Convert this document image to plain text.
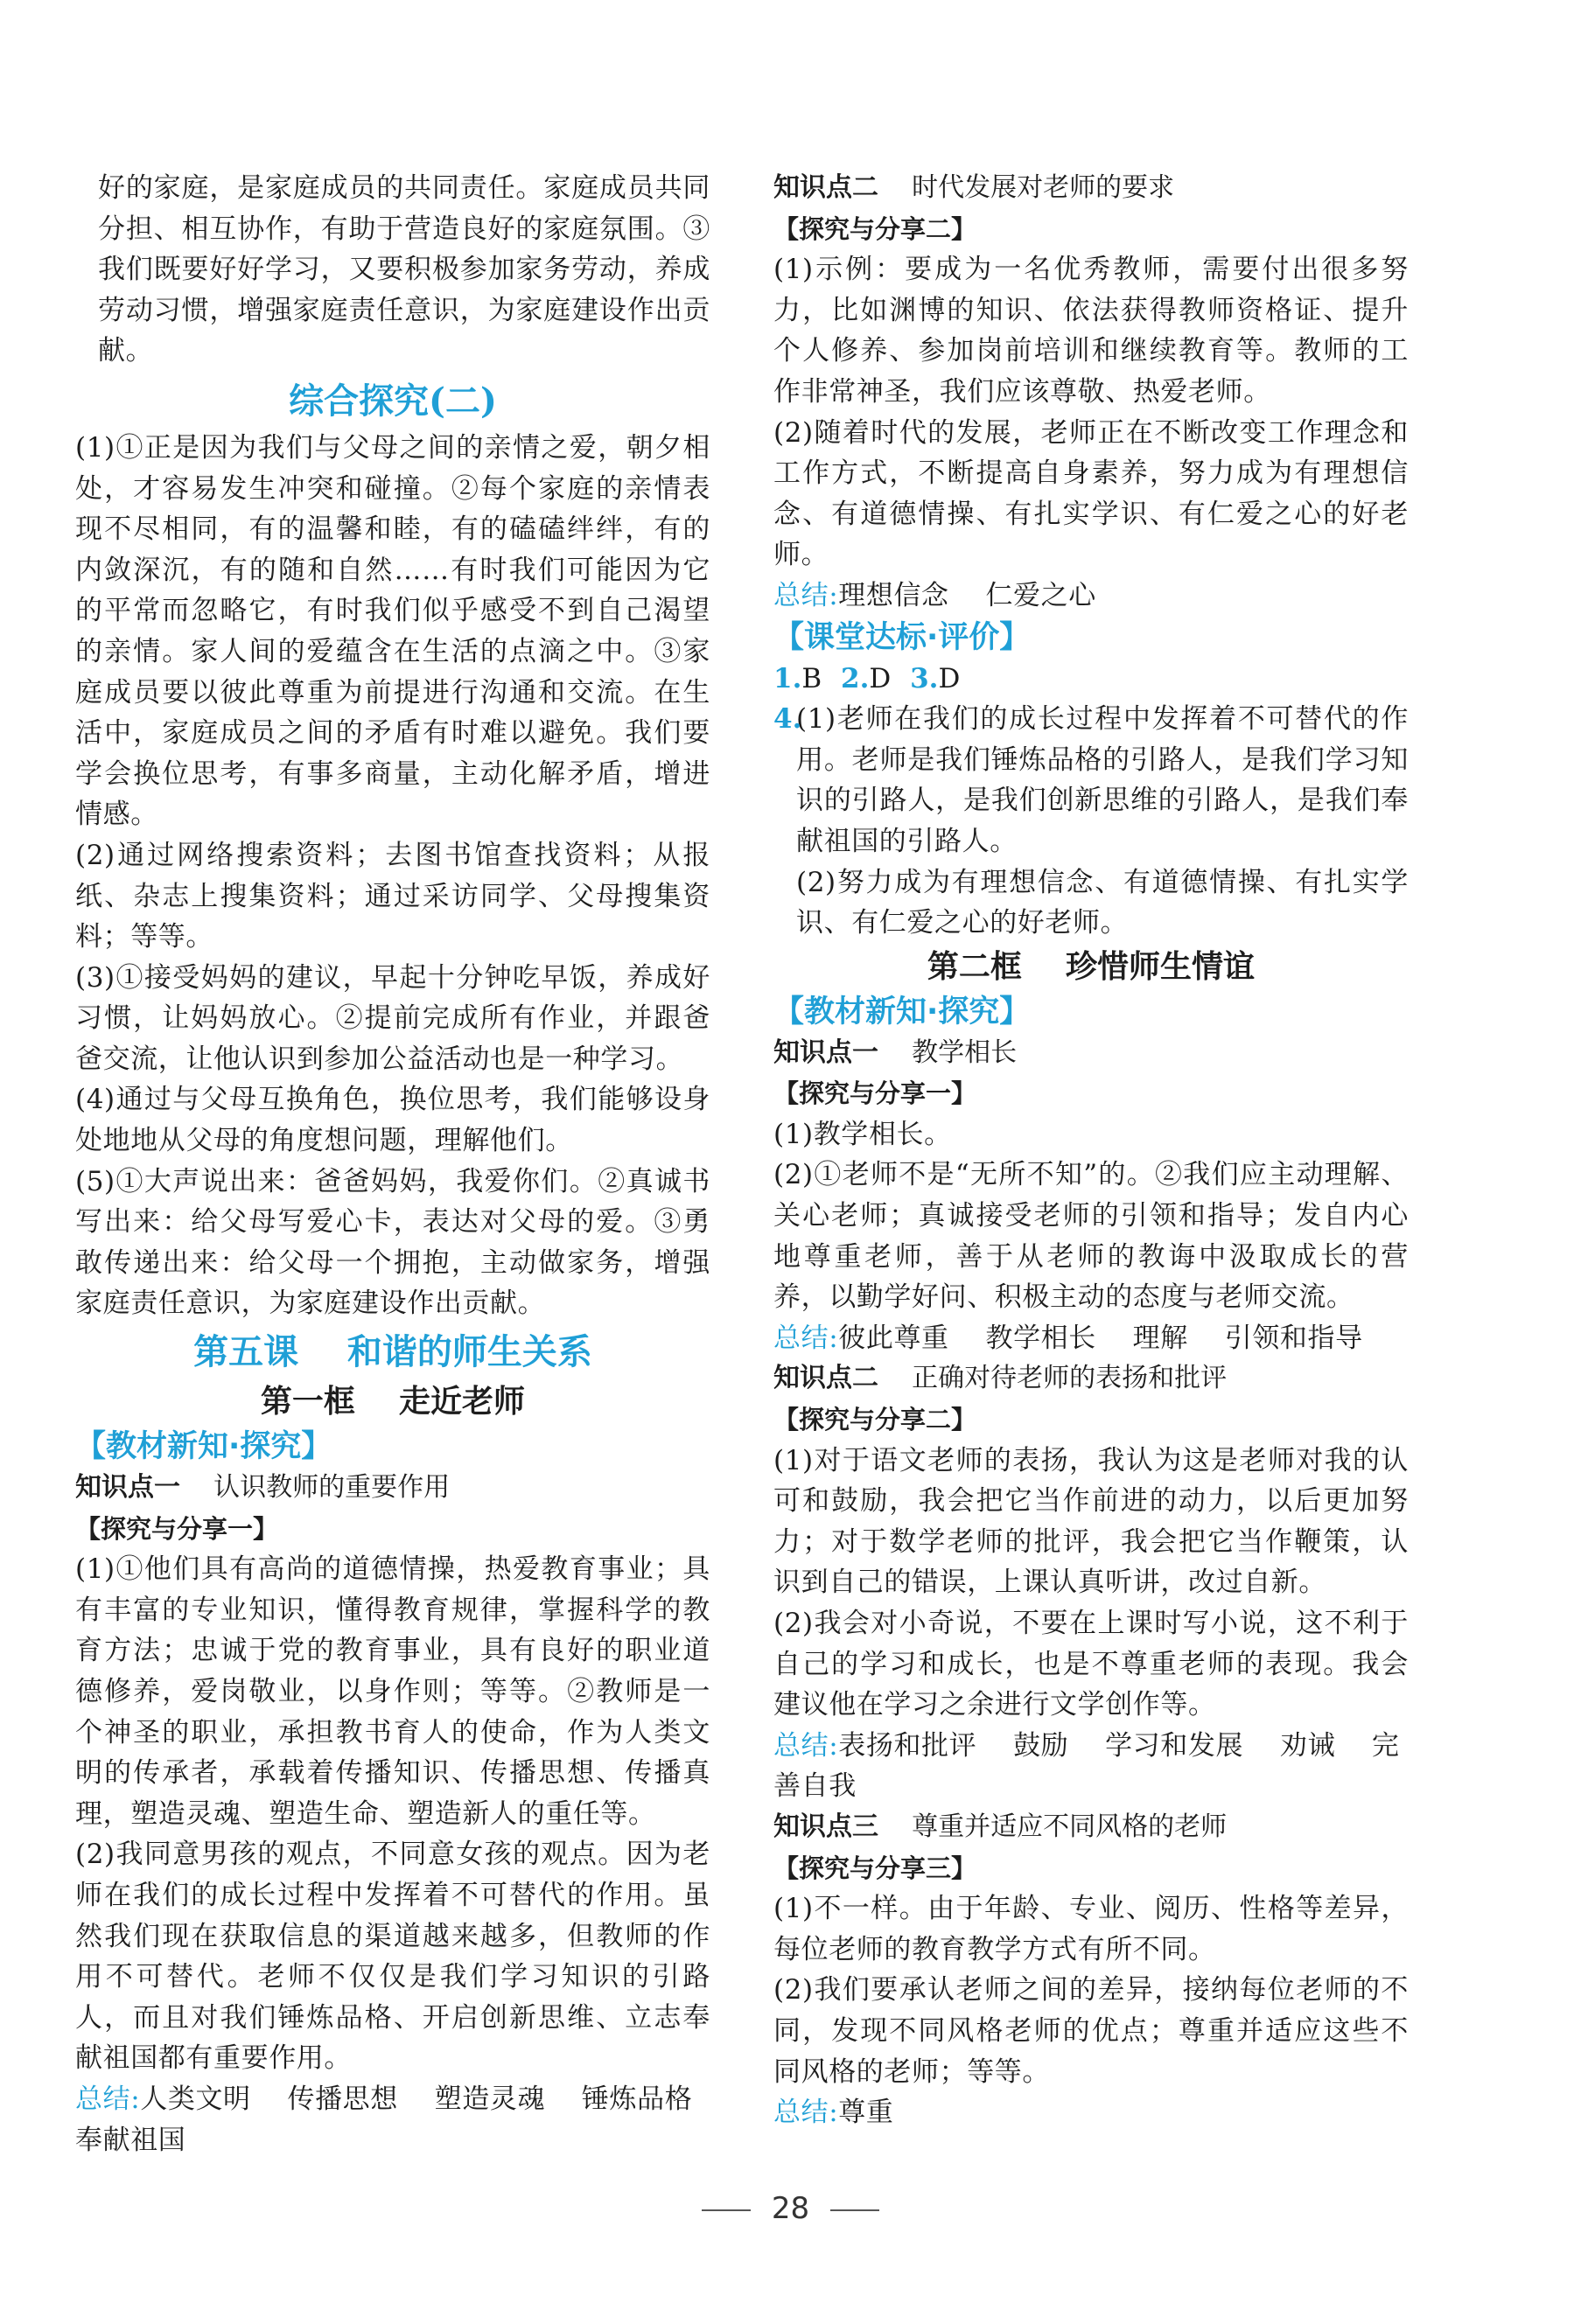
好的家庭，是家庭成员的共同责任。家庭成员共同分担、相互协作，有助于营造良好的家庭氛围。③我们既要好好学习，又要积极参加家务劳动，养成劳动习惯，增强家庭责任意识，为家庭建设作出贡献。

综合探究(二)

(1)①正是因为我们与父母之间的亲情之爱，朝夕相处，才容易发生冲突和碰撞。②每个家庭的亲情表现不尽相同，有的温馨和睦，有的磕磕绊绊，有的内敛深沉，有的随和自然……有时我们可能因为它的平常而忽略它，有时我们似乎感受不到自己渴望的亲情。家人间的爱蕴含在生活的点滴之中。③家庭成员要以彼此尊重为前提进行沟通和交流。在生活中，家庭成员之间的矛盾有时难以避免。我们要学会换位思考，有事多商量，主动化解矛盾，增进情感。

(2)通过网络搜索资料；去图书馆查找资料；从报纸、杂志上搜集资料；通过采访同学、父母搜集资料；等等。

(3)①接受妈妈的建议，早起十分钟吃早饭，养成好习惯，让妈妈放心。②提前完成所有作业，并跟爸爸交流，让他认识到参加公益活动也是一种学习。

(4)通过与父母互换角色，换位思考，我们能够设身处地地从父母的角度想问题，理解他们。

(5)①大声说出来：爸爸妈妈，我爱你们。②真诚书写出来：给父母写爱心卡，表达对父母的爱。③勇敢传递出来：给父母一个拥抱，主动做家务，增强家庭责任意识，为家庭建设作出贡献。

第五课    和谐的师生关系

第一框    走近老师

【教材新知·探究】

知识点一 认识教师的重要作用

【探究与分享一】

(1)①他们具有高尚的道德情操，热爱教育事业；具有丰富的专业知识，懂得教育规律，掌握科学的教育方法；忠诚于党的教育事业，具有良好的职业道德修养，爱岗敬业，以身作则；等等。②教师是一个神圣的职业，承担教书育人的使命，作为人类文明的传承者，承载着传播知识、传播思想、传播真理，塑造灵魂、塑造生命、塑造新人的重任等。

(2)我同意男孩的观点，不同意女孩的观点。因为老师在我们的成长过程中发挥着不可替代的作用。虽然我们现在获取信息的渠道越来越多，但教师的作用不可替代。老师不仅仅是我们学习知识的引路人，而且对我们锤炼品格、开启创新思维、立志奉献祖国都有重要作用。

总结:人类文明    传播思想    塑造灵魂    锤炼品格奉献祖国

知识点二 时代发展对老师的要求

【探究与分享二】

(1)示例：要成为一名优秀教师，需要付出很多努力，比如渊博的知识、依法获得教师资格证、提升个人修养、参加岗前培训和继续教育等。教师的工作非常神圣，我们应该尊敬、热爱老师。

(2)随着时代的发展，老师正在不断改变工作理念和工作方式，不断提高自身素养，努力成为有理想信念、有道德情操、有扎实学识、有仁爱之心的好老师。

总结:理想信念    仁爱之心

【课堂达标·评价】

1.B 2.D 3.D

4.

(1)老师在我们的成长过程中发挥着不可替代的作用。老师是我们锤炼品格的引路人，是我们学习知识的引路人，是我们创新思维的引路人，是我们奉献祖国的引路人。

(2)努力成为有理想信念、有道德情操、有扎实学识、有仁爱之心的好老师。

第二框    珍惜师生情谊

【教材新知·探究】

知识点一 教学相长

【探究与分享一】

(1)教学相长。

(2)①老师不是“无所不知”的。②我们应主动理解、关心老师；真诚接受老师的引领和指导；发自内心地尊重老师，善于从老师的教诲中汲取成长的营养，以勤学好问、积极主动的态度与老师交流。

总结:彼此尊重    教学相长    理解    引领和指导

知识点二 正确对待老师的表扬和批评

【探究与分享二】

(1)对于语文老师的表扬，我认为这是老师对我的认可和鼓励，我会把它当作前进的动力，以后更加努力；对于数学老师的批评，我会把它当作鞭策，认识到自己的错误，上课认真听讲，改过自新。

(2)我会对小奇说，不要在上课时写小说，这不利于自己的学习和成长，也是不尊重老师的表现。我会建议他在学习之余进行文学创作等。

总结:表扬和批评    鼓励    学习和发展    劝诫    完善自我

知识点三 尊重并适应不同风格的老师

【探究与分享三】

(1)不一样。由于年龄、专业、阅历、性格等差异，每位老师的教育教学方式有所不同。

(2)我们要承认老师之间的差异，接纳每位老师的不同，发现不同风格老师的优点；尊重并适应这些不同风格的老师；等等。

总结:尊重

28
